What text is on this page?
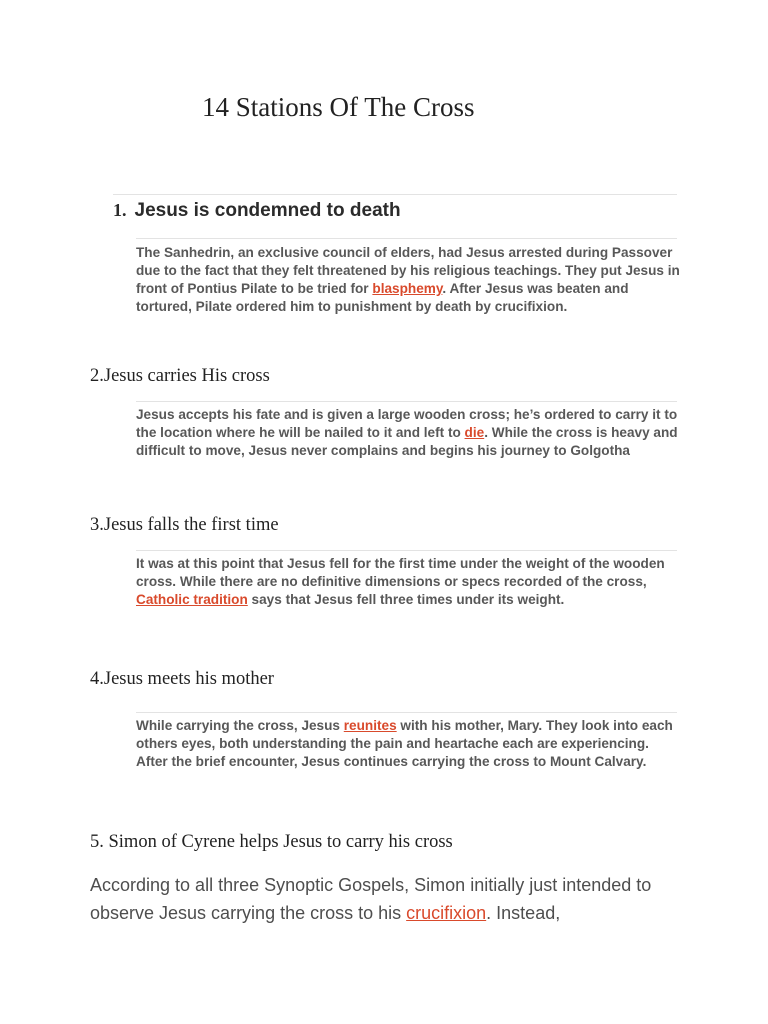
14 Stations Of The Cross
1. Jesus is condemned to death
The Sanhedrin, an exclusive council of elders, had Jesus arrested during Passover due to the fact that they felt threatened by his religious teachings. They put Jesus in front of Pontius Pilate to be tried for blasphemy. After Jesus was beaten and tortured, Pilate ordered him to punishment by death by crucifixion.
2.Jesus carries His cross
Jesus accepts his fate and is given a large wooden cross; he’s ordered to carry it to the location where he will be nailed to it and left to die. While the cross is heavy and difficult to move, Jesus never complains and begins his journey to Golgotha
3.Jesus falls the first time
It was at this point that Jesus fell for the first time under the weight of the wooden cross. While there are no definitive dimensions or specs recorded of the cross, Catholic tradition says that Jesus fell three times under its weight.
4.Jesus meets his mother
While carrying the cross, Jesus reunites with his mother, Mary. They look into each others eyes, both understanding the pain and heartache each are experiencing. After the brief encounter, Jesus continues carrying the cross to Mount Calvary.
5. Simon of Cyrene helps Jesus to carry his cross
According to all three Synoptic Gospels, Simon initially just intended to observe Jesus carrying the cross to his crucifixion. Instead,
